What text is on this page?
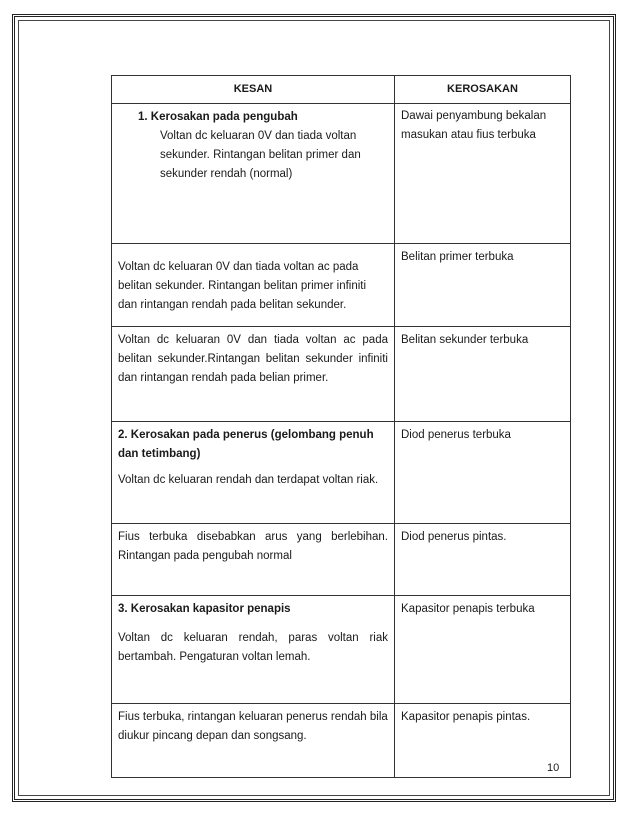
KESAN	KEROSAKAN

1. Kerosakan pada pengubah
Voltan dc keluaran 0V dan tiada voltan
sekunder. Rintangan belitan primer dan
sekunder rendah (normal)	Dawai penyambung bekalan masukan atau fius terbuka

Voltan dc keluaran 0V dan tiada voltan ac pada belitan sekunder. Rintangan belitan primer infiniti dan rintangan rendah pada belitan sekunder.	Belitan primer terbuka
Voltan dc keluaran 0V dan tiada voltan ac pada belitan sekunder.Rintangan belitan sekunder infiniti dan rintangan rendah pada belian primer.	Belitan sekunder terbuka

2. Kerosakan pada penerus (gelombang penuh dan tetimbang)
Voltan dc keluaran rendah dan terdapat voltan riak.	Diod penerus terbuka
Fius terbuka disebabkan arus yang berlebihan. Rintangan pada pengubah normal	Diod penerus pintas.

3. Kerosakan kapasitor penapis
Voltan dc keluaran rendah, paras voltan riak bertambah. Pengaturan voltan lemah.	Kapasitor penapis terbuka
Fius terbuka, rintangan keluaran penerus rendah bila diukur pincang depan dan songsang.	Kapasitor penapis pintas.
10
